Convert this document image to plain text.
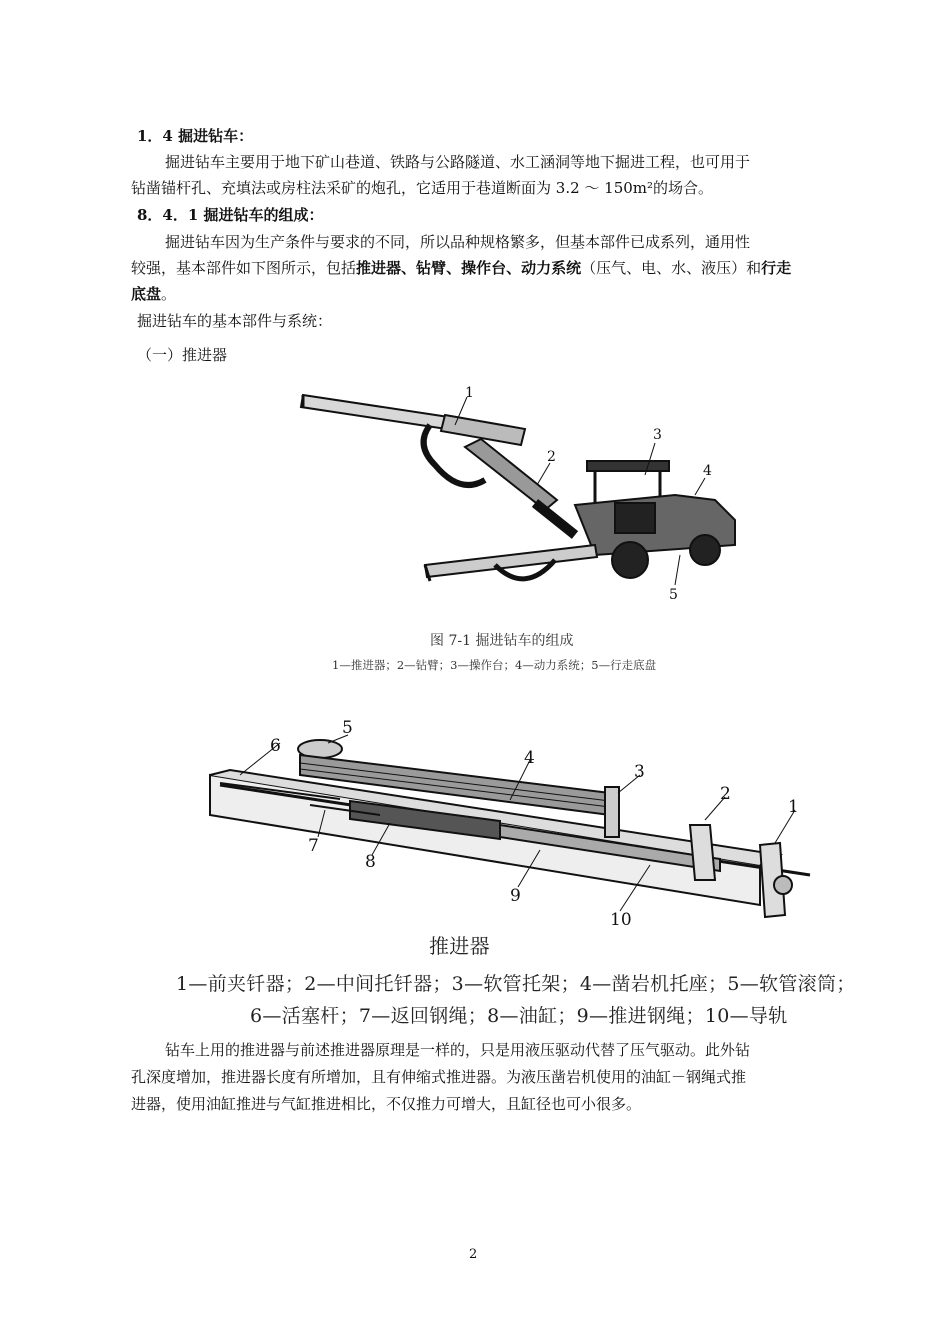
1．4 掘进钻车：
掘进钻车主要用于地下矿山巷道、铁路与公路隧道、水工涵洞等地下掘进工程，也可用于
钻凿锚杆孔、充填法或房柱法采矿的炮孔，它适用于巷道断面为 3.2 ～ 150m²的场合。
8．4．1 掘进钻车的组成：
掘进钻车因为生产条件与要求的不同，所以品种规格繁多，但基本部件已成系列，通用性
较强，基本部件如下图所示，包括推进器、钻臂、操作台、动力系统（压气、电、水、液压）和行走
底盘。
掘进钻车的基本部件与系统：
（一）推进器
1
2
3
4
5
图 7-1 掘进钻车的组成
1—推进器；2—钻臂；3—操作台；4—动力系统；5—行走底盘
5
6
4
3
2
1
7
8
9
10
推进器
1—前夹钎器；2—中间托钎器；3—软管托架；4—凿岩机托座；5—软管滚筒；
6—活塞杆；7—返回钢绳；8—油缸；9—推进钢绳；10—导轨
钻车上用的推进器与前述推进器原理是一样的，只是用液压驱动代替了压气驱动。此外钻
孔深度增加，推进器长度有所增加，且有伸缩式推进器。为液压凿岩机使用的油缸－钢绳式推
进器，使用油缸推进与气缸推进相比，不仅推力可增大，且缸径也可小很多。
2
